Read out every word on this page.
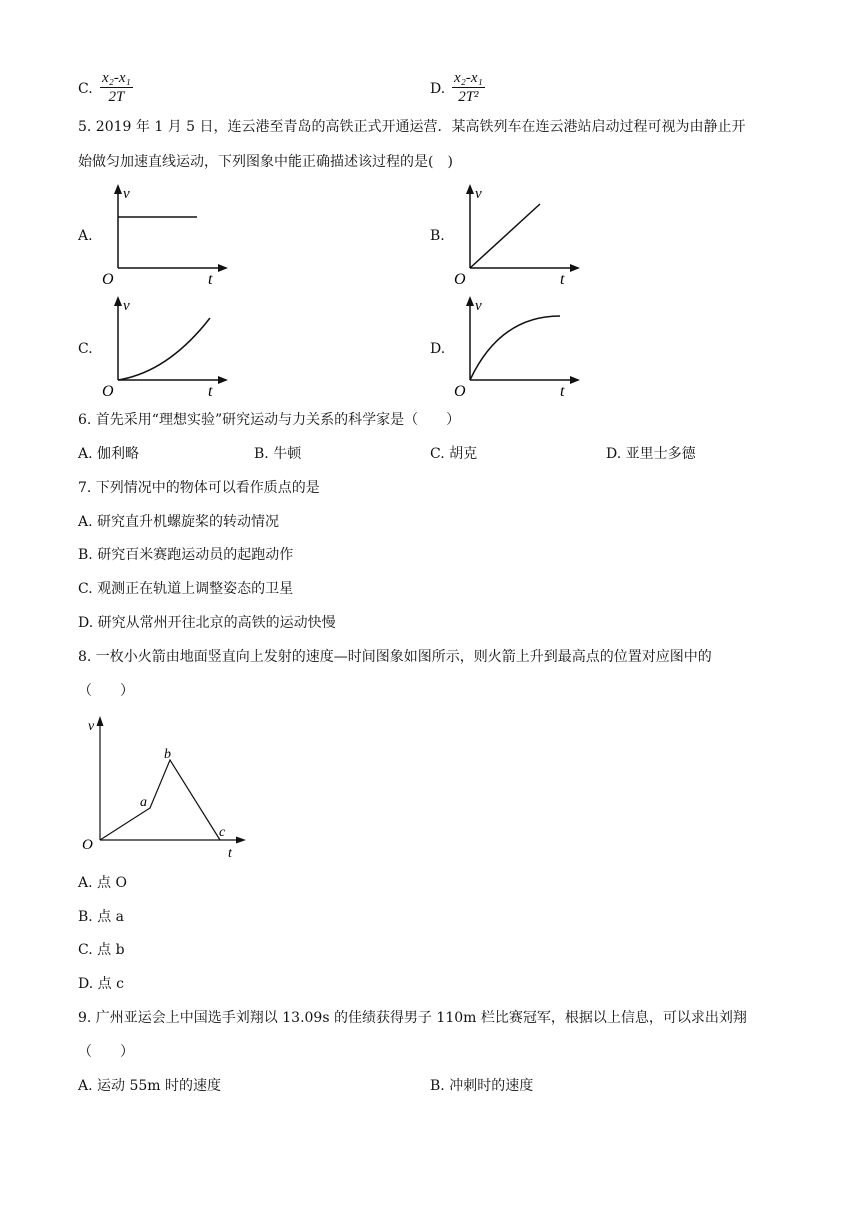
C.
x₂-x₁
2T	D.
x₂-x₁
2T²
5. 2019 年 1 月 5 日，连云港至青岛的高铁正式开通运营．某高铁列车在连云港站启动过程可视为由静止开
始做匀加速直线运动，下列图象中能正确描述该过程的是(　)
A.	B.
C.	D.
v
O	t
v
O	t
v
O	t
v
O	t
6. 首先采用“理想实验”研究运动与力关系的科学家是（　　）
A. 伽利略	B. 牛顿	C. 胡克	D. 亚里士多德
7. 下列情况中的物体可以看作质点的是
A. 研究直升机螺旋桨的转动情况
B. 研究百米赛跑运动员的起跑动作
C. 观测正在轨道上调整姿态的卫星
D. 研究从常州开往北京的高铁的运动快慢
8. 一枚小火箭由地面竖直向上发射的速度—时间图象如图所示，则火箭上升到最高点的位置对应图中的
（　　）
v
O
t
a
b
c
A. 点 O
B. 点 a
C. 点 b
D. 点 c
9. 广州亚运会上中国选手刘翔以 13.09s 的佳绩获得男子 110m 栏比赛冠军，根据以上信息，可以求出刘翔
（　　）
A. 运动 55m 时的速度	B. 冲刺时的速度
